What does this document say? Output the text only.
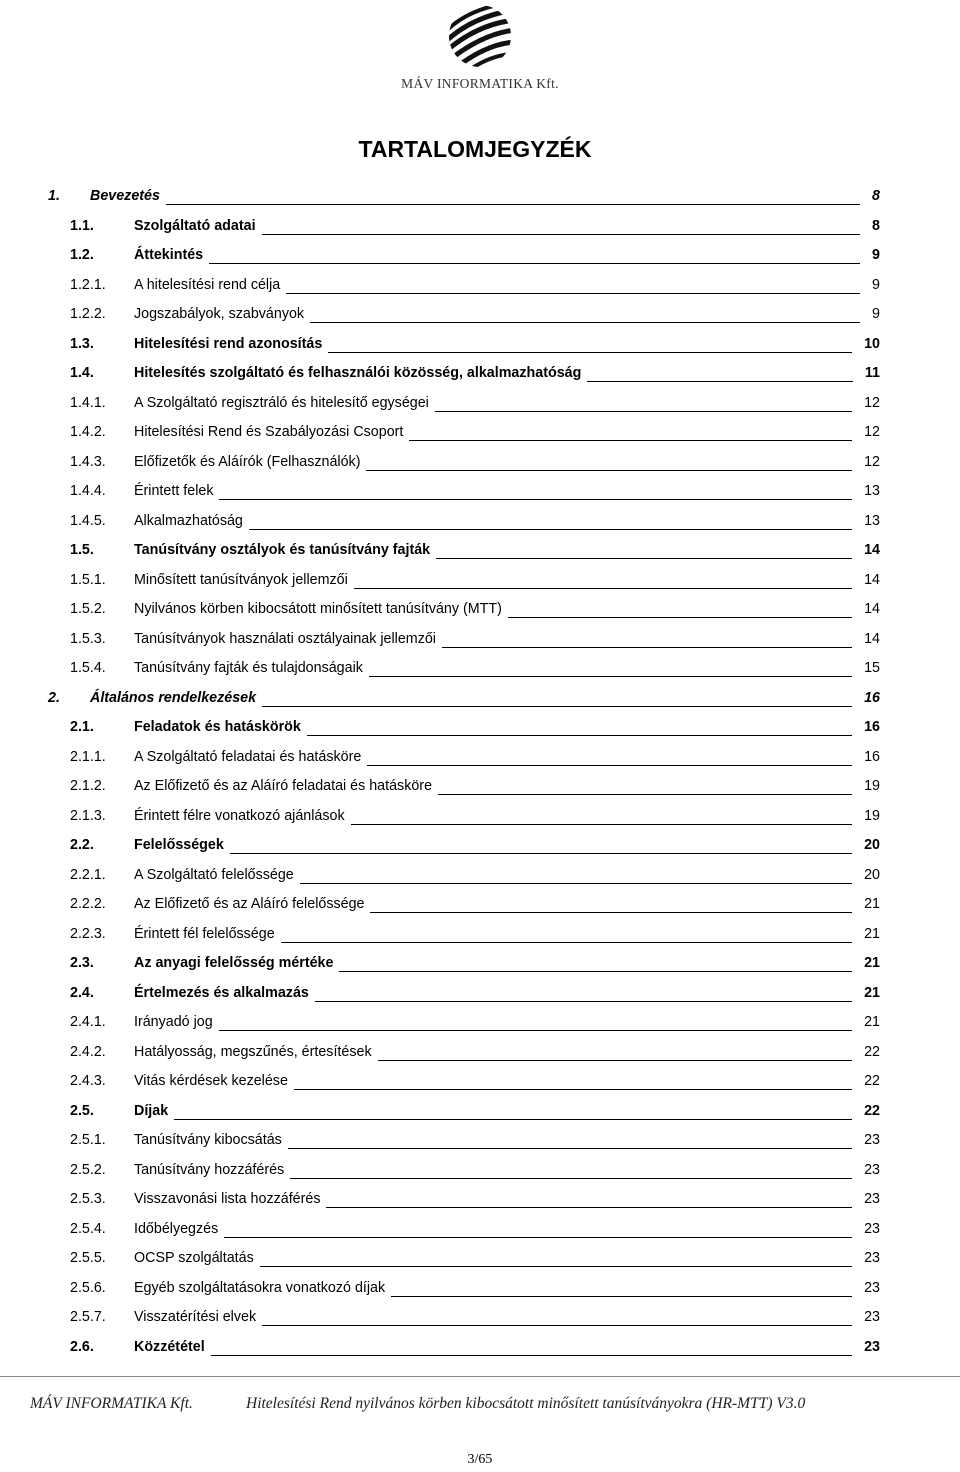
MÁV INFORMATIKA Kft.
TARTALOMJEGYZÉK
1. Bevezetés	8
1.1.	Szolgáltató adatai	8
1.2.	Áttekintés	9
1.2.1. A hitelesítési rend célja	9
1.2.2. Jogszabályok, szabványok	9
1.3.	Hitelesítési rend azonosítás	10
1.4.	Hitelesítés szolgáltató és felhasználói közösség, alkalmazhatóság	11
1.4.1. A Szolgáltató regisztráló és hitelesítő egységei	12
1.4.2. Hitelesítési Rend és Szabályozási Csoport	12
1.4.3. Előfizetők és Aláírók (Felhasználók)	12
1.4.4. Érintett felek	13
1.4.5. Alkalmazhatóság	13
1.5.	Tanúsítvány osztályok és tanúsítvány fajták	14
1.5.1. Minősített tanúsítványok jellemzői	14
1.5.2. Nyilvános körben kibocsátott minősített tanúsítvány (MTT)	14
1.5.3. Tanúsítványok használati osztályainak jellemzői	14
1.5.4. Tanúsítvány fajták és tulajdonságaik	15
2. Általános rendelkezések	16
2.1.	Feladatok és hatáskörök	16
2.1.1. A Szolgáltató feladatai és hatásköre	16
2.1.2. Az Előfizető és az Aláíró feladatai és hatásköre	19
2.1.3. Érintett félre vonatkozó ajánlások	19
2.2.	Felelősségek	20
2.2.1. A Szolgáltató felelőssége	20
2.2.2. Az Előfizető és az Aláíró felelőssége	21
2.2.3. Érintett fél felelőssége	21
2.3.	Az anyagi felelősség mértéke	21
2.4.	Értelmezés és alkalmazás	21
2.4.1. Irányadó jog	21
2.4.2. Hatályosság, megszűnés, értesítések	22
2.4.3. Vitás kérdések kezelése	22
2.5.	Díjak	22
2.5.1. Tanúsítvány kibocsátás	23
2.5.2. Tanúsítvány hozzáférés	23
2.5.3. Visszavonási lista hozzáférés	23
2.5.4. Időbélyegzés	23
2.5.5. OCSP szolgáltatás	23
2.5.6. Egyéb szolgáltatásokra vonatkozó díjak	23
2.5.7. Visszatérítési elvek	23
2.6.	Közzététel	23
MÁV INFORMATIKA Kft.	Hitelesítési Rend nyilvános körben kibocsátott minősített tanúsítványokra (HR-MTT) V3.0
3/65
